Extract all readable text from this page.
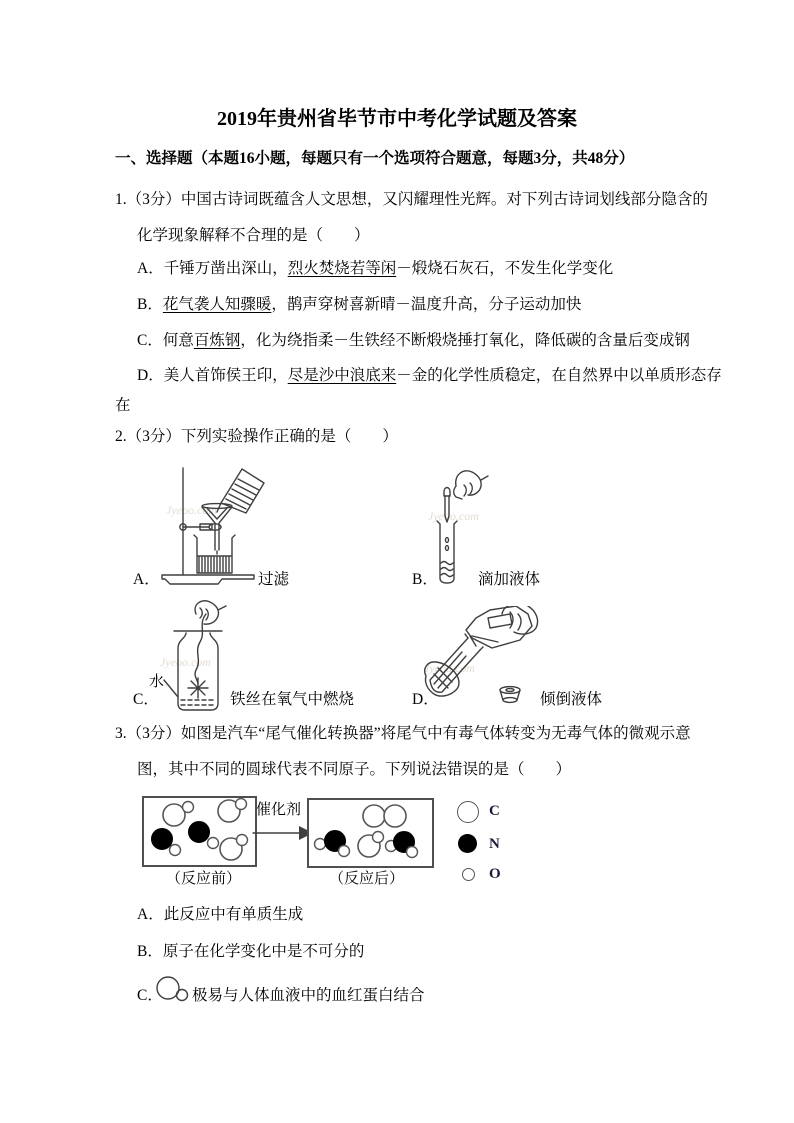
2019年贵州省毕节市中考化学试题及答案
一、选择题（本题16小题，每题只有一个选项符合题意，每题3分，共48分）
1.（3分）中国古诗词既蕴含人文思想，又闪耀理性光辉。对下列古诗词划线部分隐含的
化学现象解释不合理的是（　　）
A．千锤万凿出深山，烈火焚烧若等闲－煅烧石灰石，不发生化学变化
B．花气袭人知骤暖，鹊声穿树喜新晴－温度升高，分子运动加快
C．何意百炼钢，化为绕指柔－生铁经不断煅烧捶打氧化，降低碳的含量后变成钢
D．美人首饰侯王印，尽是沙中浪底来－金的化学性质稳定，在自然界中以单质形态存
在
2.（3分）下列实验操作正确的是（　　）
Jyeoo.com	Jyeoo.com
Jyeoo.com	Jyeoo.com
A．	过滤	B．	滴加液体
水
C．	铁丝在氧气中燃烧	D．	倾倒液体
3.（3分）如图是汽车“尾气催化转换器”将尾气中有毒气体转变为无毒气体的微观示意
图，其中不同的圆球代表不同原子。下列说法错误的是（　　）
催化剂
（反应前）	（反应后）
C
N
O
A．此反应中有单质生成
B．原子在化学变化中是不可分的
C． 极易与人体血液中的血红蛋白结合
